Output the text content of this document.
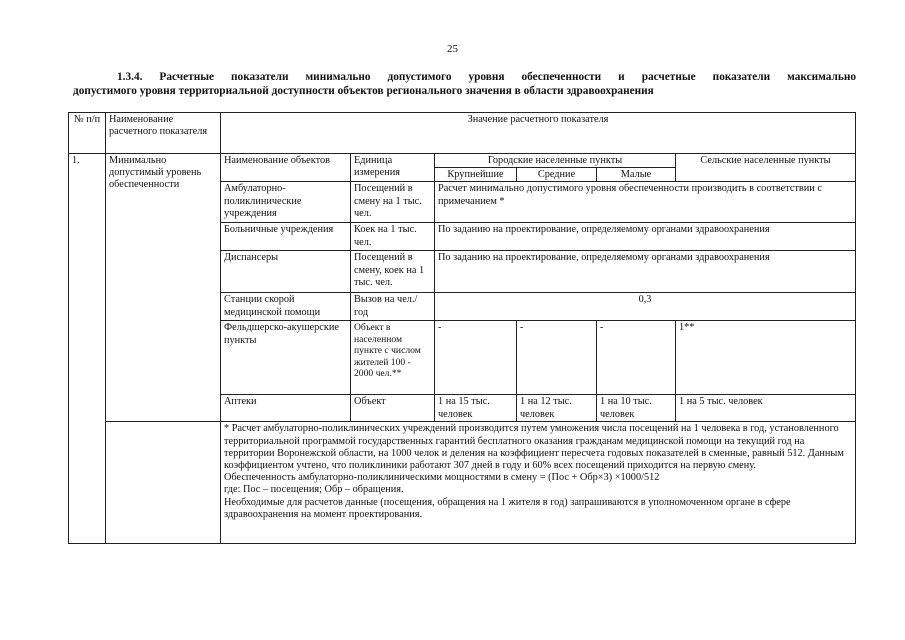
25
1.3.4. Расчетные показатели минимально допустимого уровня обеспеченности и расчетные показатели максимально
допустимого уровня территориальной доступности объектов регионального значения в области здравоохранения
№ п/п	Наименование расчетного показателя	Значение расчетного показателя					
1.	Минимально допустимый уровень обеспеченности	Наименование объектов	Единица измерения	Городские населенные пункты			Сельские населенные пункты
				Крупнейшие	Средние	Малые	
		Амбулаторно-поликлинические учреждения	Посещений в смену на 1 тыс. чел.	Расчет минимально допустимого уровня обеспеченности производить в соответствии с примечанием *			
		Больничные учреждения	Коек на 1 тыс. чел.	По заданию на проектирование, определяемому органами здравоохранения			
		Диспансеры	Посещений в смену, коек на 1 тыс. чел.	По заданию на проектирование, определяемому органами здравоохранения			
		Станции скорой медицинской помощи	Вызов на чел./год	0,3			
		Фельдшерско-акушерские пункты	Объект в населенном пункте с числом жителей 100 - 2000 чел.**	-	-	-	1**
		Аптеки	Объект	1 на 15 тыс. человек	1 на 12 тыс. человек	1 на 10 тыс. человек	1 на 5 тыс. человек

		* Расчет амбулаторно-поликлинических учреждений производится путем умножения числа посещений на 1 человека в год, установленного территориальной программой государственных гарантий бесплатного оказания гражданам медицинской помощи на текущий год на территории Воронежской области, на 1000 челок и деления на коэффициент пересчета годовых показателей в сменные, равный 512. Данным коэффициентом учтено, что поликлиники работают 307 дней в году и 60% всех посещений приходится на первую смену.

Обеспеченность амбулаторно-поликлиническими мощностями в смену = (Пос + Обр×3) ×1000/512

где: Пос – посещения; Обр – обращения.

Необходимые для расчетов данные (посещения, обращения на 1 жителя в год) запрашиваются в уполномоченном органе в сфере здравоохранения на момент проектирования.					
